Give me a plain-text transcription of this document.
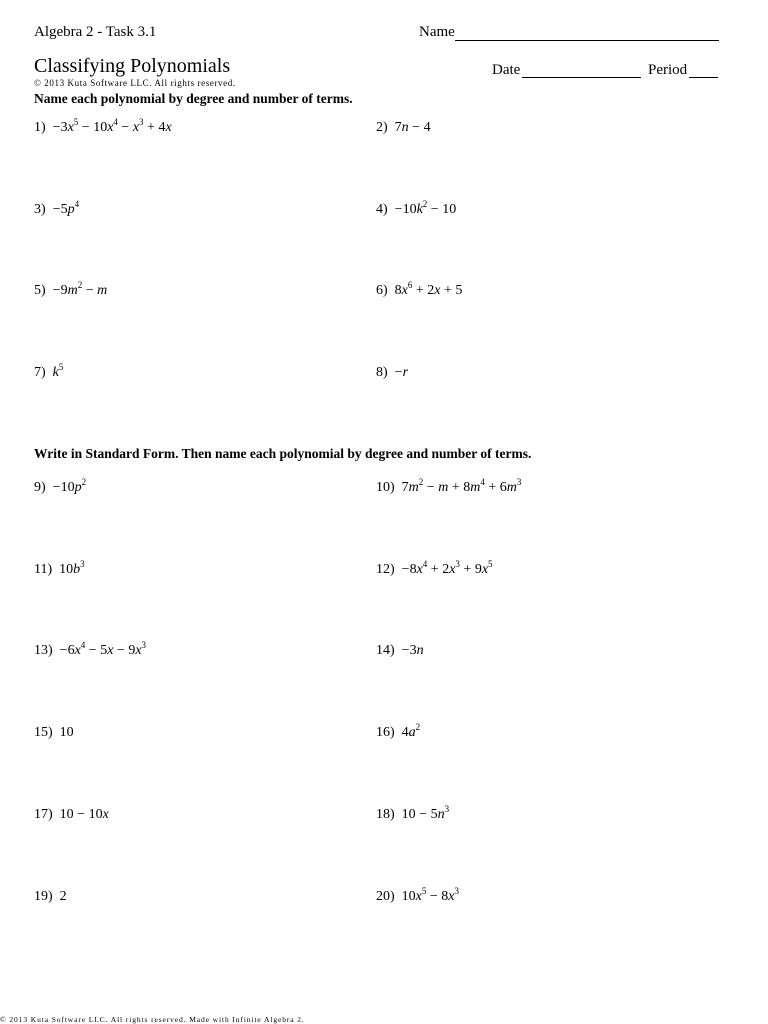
Algebra 2 - Task 3.1	Name
Classifying Polynomials
© 2013 Kuta Software LLC. All rights reserved.
Date	Period
Name each polynomial by degree and number of terms.
Write in Standard Form. Then name each polynomial by degree and number of terms.
$1) -3x^5 - 10x^4 - x^3 + 4x$	2) 7n − 4
$3) -5p^4$	$4) -10k^2 - 10$
$5) -9m^2 - m$	6) $8x^6 + 2x + 5$
7) $k^5$	8) −r
$9) -10p^2$	10) $7m^2 - m + 8m^4 + 6m^3$
11) $10b^3$	$12) -8x^4 + 2x^3 + 9x^5$
$13) -6x^4 - 5x - 9x^3$	14) −3n
15) 10	16) $4a^2$
17) 10 − 10x	18) $10 - 5n^3$
19) 2	20) $10x^5 - 8x^3$
© 2013 Kuta Software LLC. All rights reserved. Made with Infinite Algebra 2.
